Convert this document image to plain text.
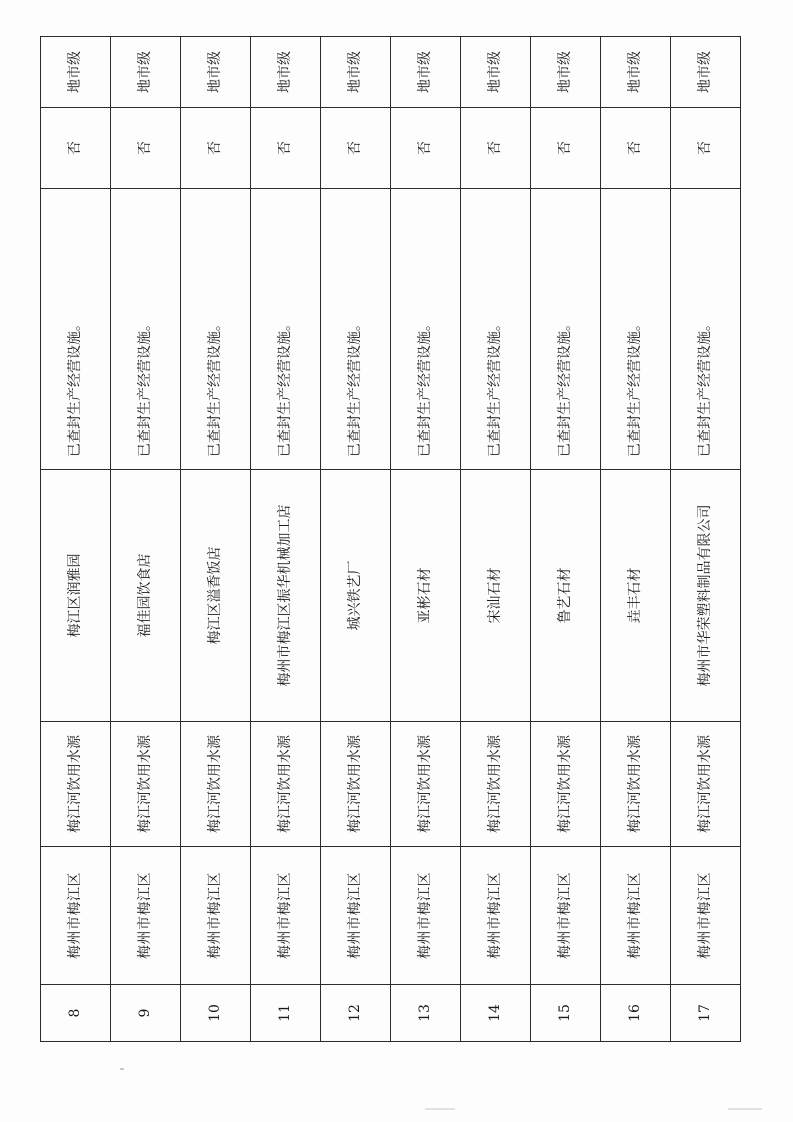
8	梅州市梅江区	梅江河饮用水源	梅江区润雅园	已查封生产经营设施。	否	地市级
9	梅州市梅江区	梅江河饮用水源	福佳园饮食店	已查封生产经营设施。	否	地市级
10	梅州市梅江区	梅江河饮用水源	梅江区溢香饭店	已查封生产经营设施。	否	地市级
11	梅州市梅江区	梅江河饮用水源	梅州市梅江区振华机械加工店	已查封生产经营设施。	否	地市级
12	梅州市梅江区	梅江河饮用水源	城兴铁艺厂	已查封生产经营设施。	否	地市级
13	梅州市梅江区	梅江河饮用水源	亚彬石材	已查封生产经营设施。	否	地市级
14	梅州市梅江区	梅江河饮用水源	宋汕石材	已查封生产经营设施。	否	地市级
15	梅州市梅江区	梅江河饮用水源	鲁艺石材	已查封生产经营设施。	否	地市级
16	梅州市梅江区	梅江河饮用水源	垚丰石材	已查封生产经营设施。	否	地市级
17	梅州市梅江区	梅江河饮用水源	梅州市华荣塑料制品有限公司	已查封生产经营设施。	否	地市级
